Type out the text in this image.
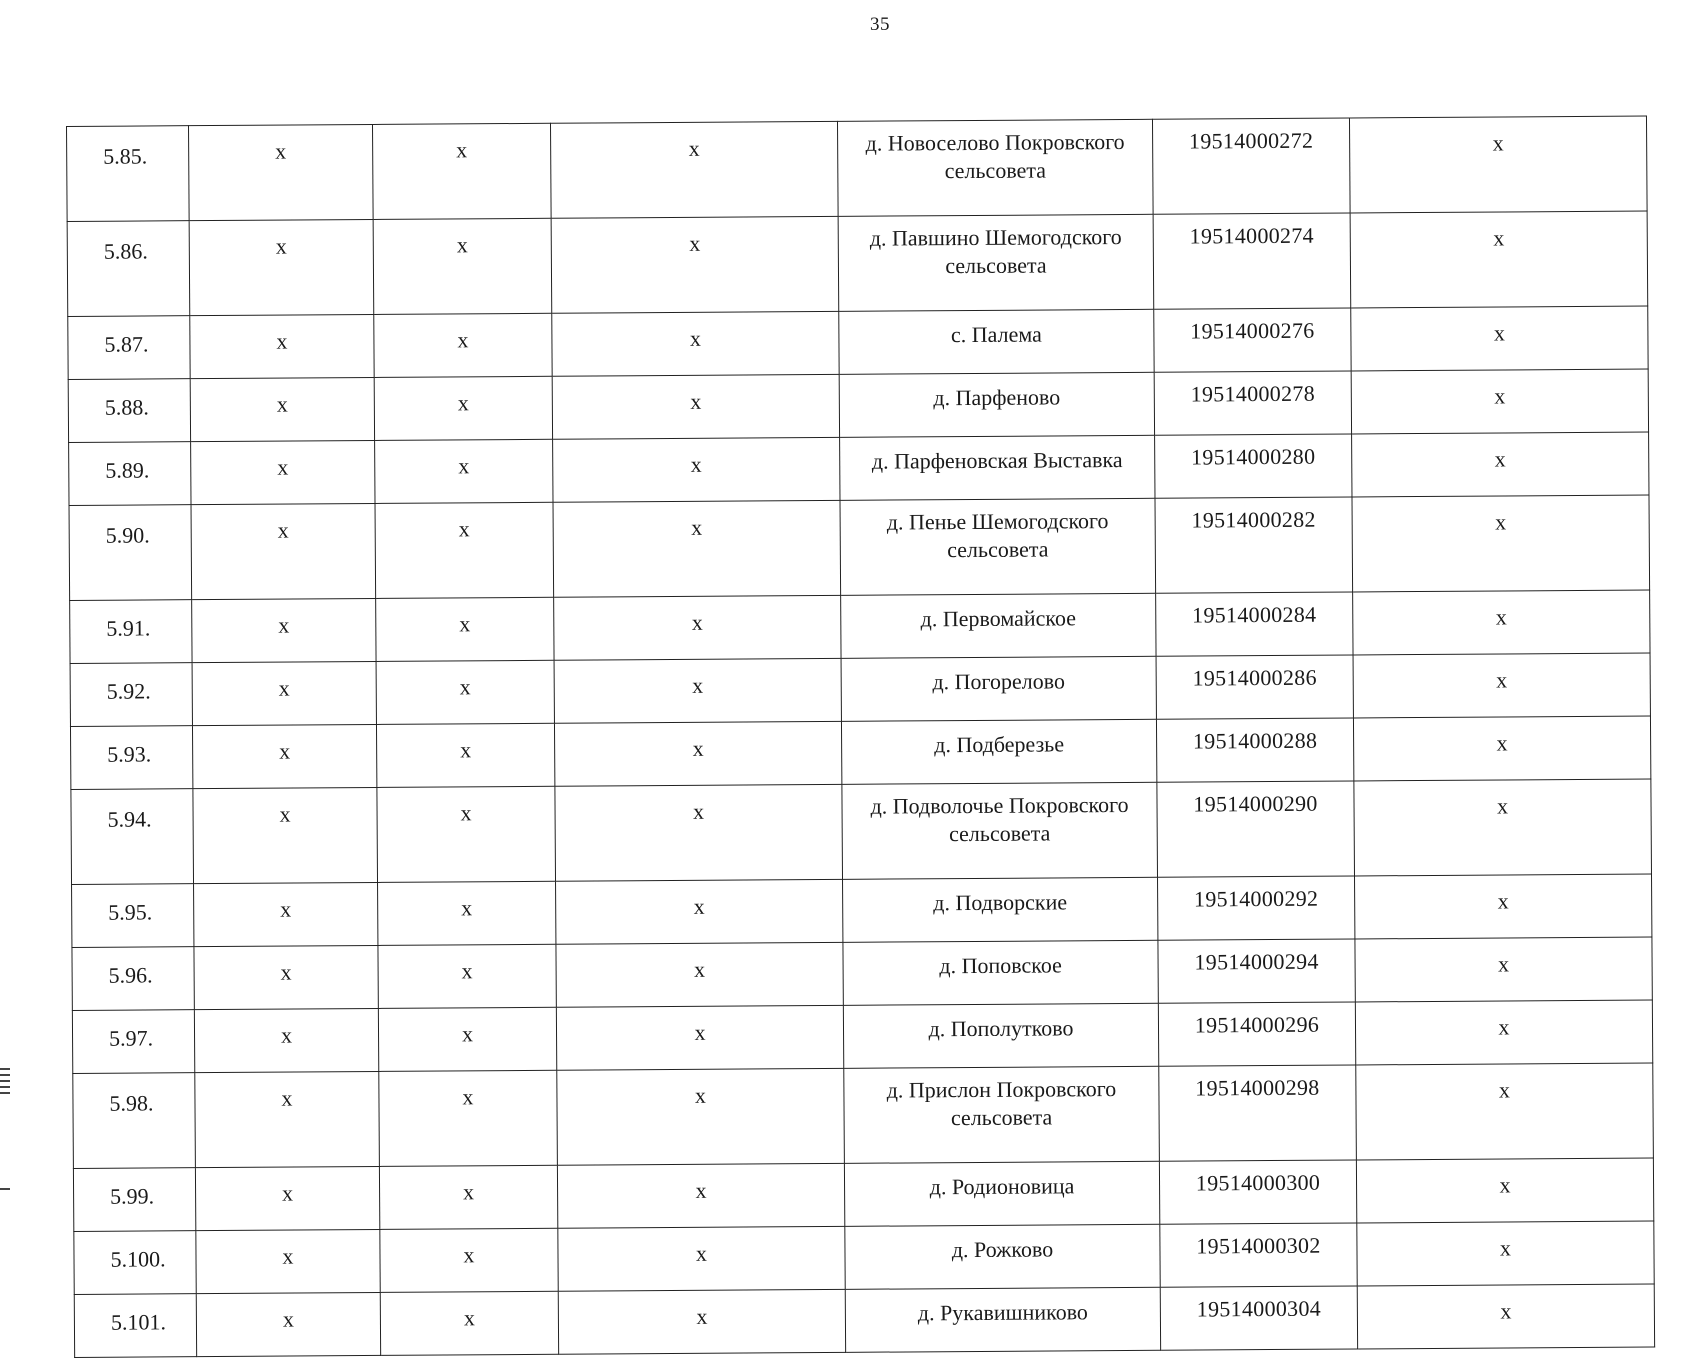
35
5.85.	x	x	x	д. Новоселово Покровского сельсовета	19514000272	x
5.86.	x	x	x	д. Павшино Шемогодского сельсовета	19514000274	x
5.87.	x	x	x	с. Палема	19514000276	x
5.88.	x	x	x	д. Парфеново	19514000278	x
5.89.	x	x	x	д. Парфеновская Выставка	19514000280	x
5.90.	x	x	x	д. Пенье Шемогодского сельсовета	19514000282	x
5.91.	x	x	x	д. Первомайское	19514000284	x
5.92.	x	x	x	д. Погорелово	19514000286	x
5.93.	x	x	x	д. Подберезье	19514000288	x
5.94.	x	x	x	д. Подволочье Покровского сельсовета	19514000290	x
5.95.	x	x	x	д. Подворские	19514000292	x
5.96.	x	x	x	д. Поповское	19514000294	x
5.97.	x	x	x	д. Пополутково	19514000296	x
5.98.	x	x	x	д. Прислон Покровского сельсовета	19514000298	x
5.99.	x	x	x	д. Родионовица	19514000300	x
5.100.	x	x	x	д. Рожково	19514000302	x
5.101.	x	x	x	д. Рукавишниково	19514000304	x
